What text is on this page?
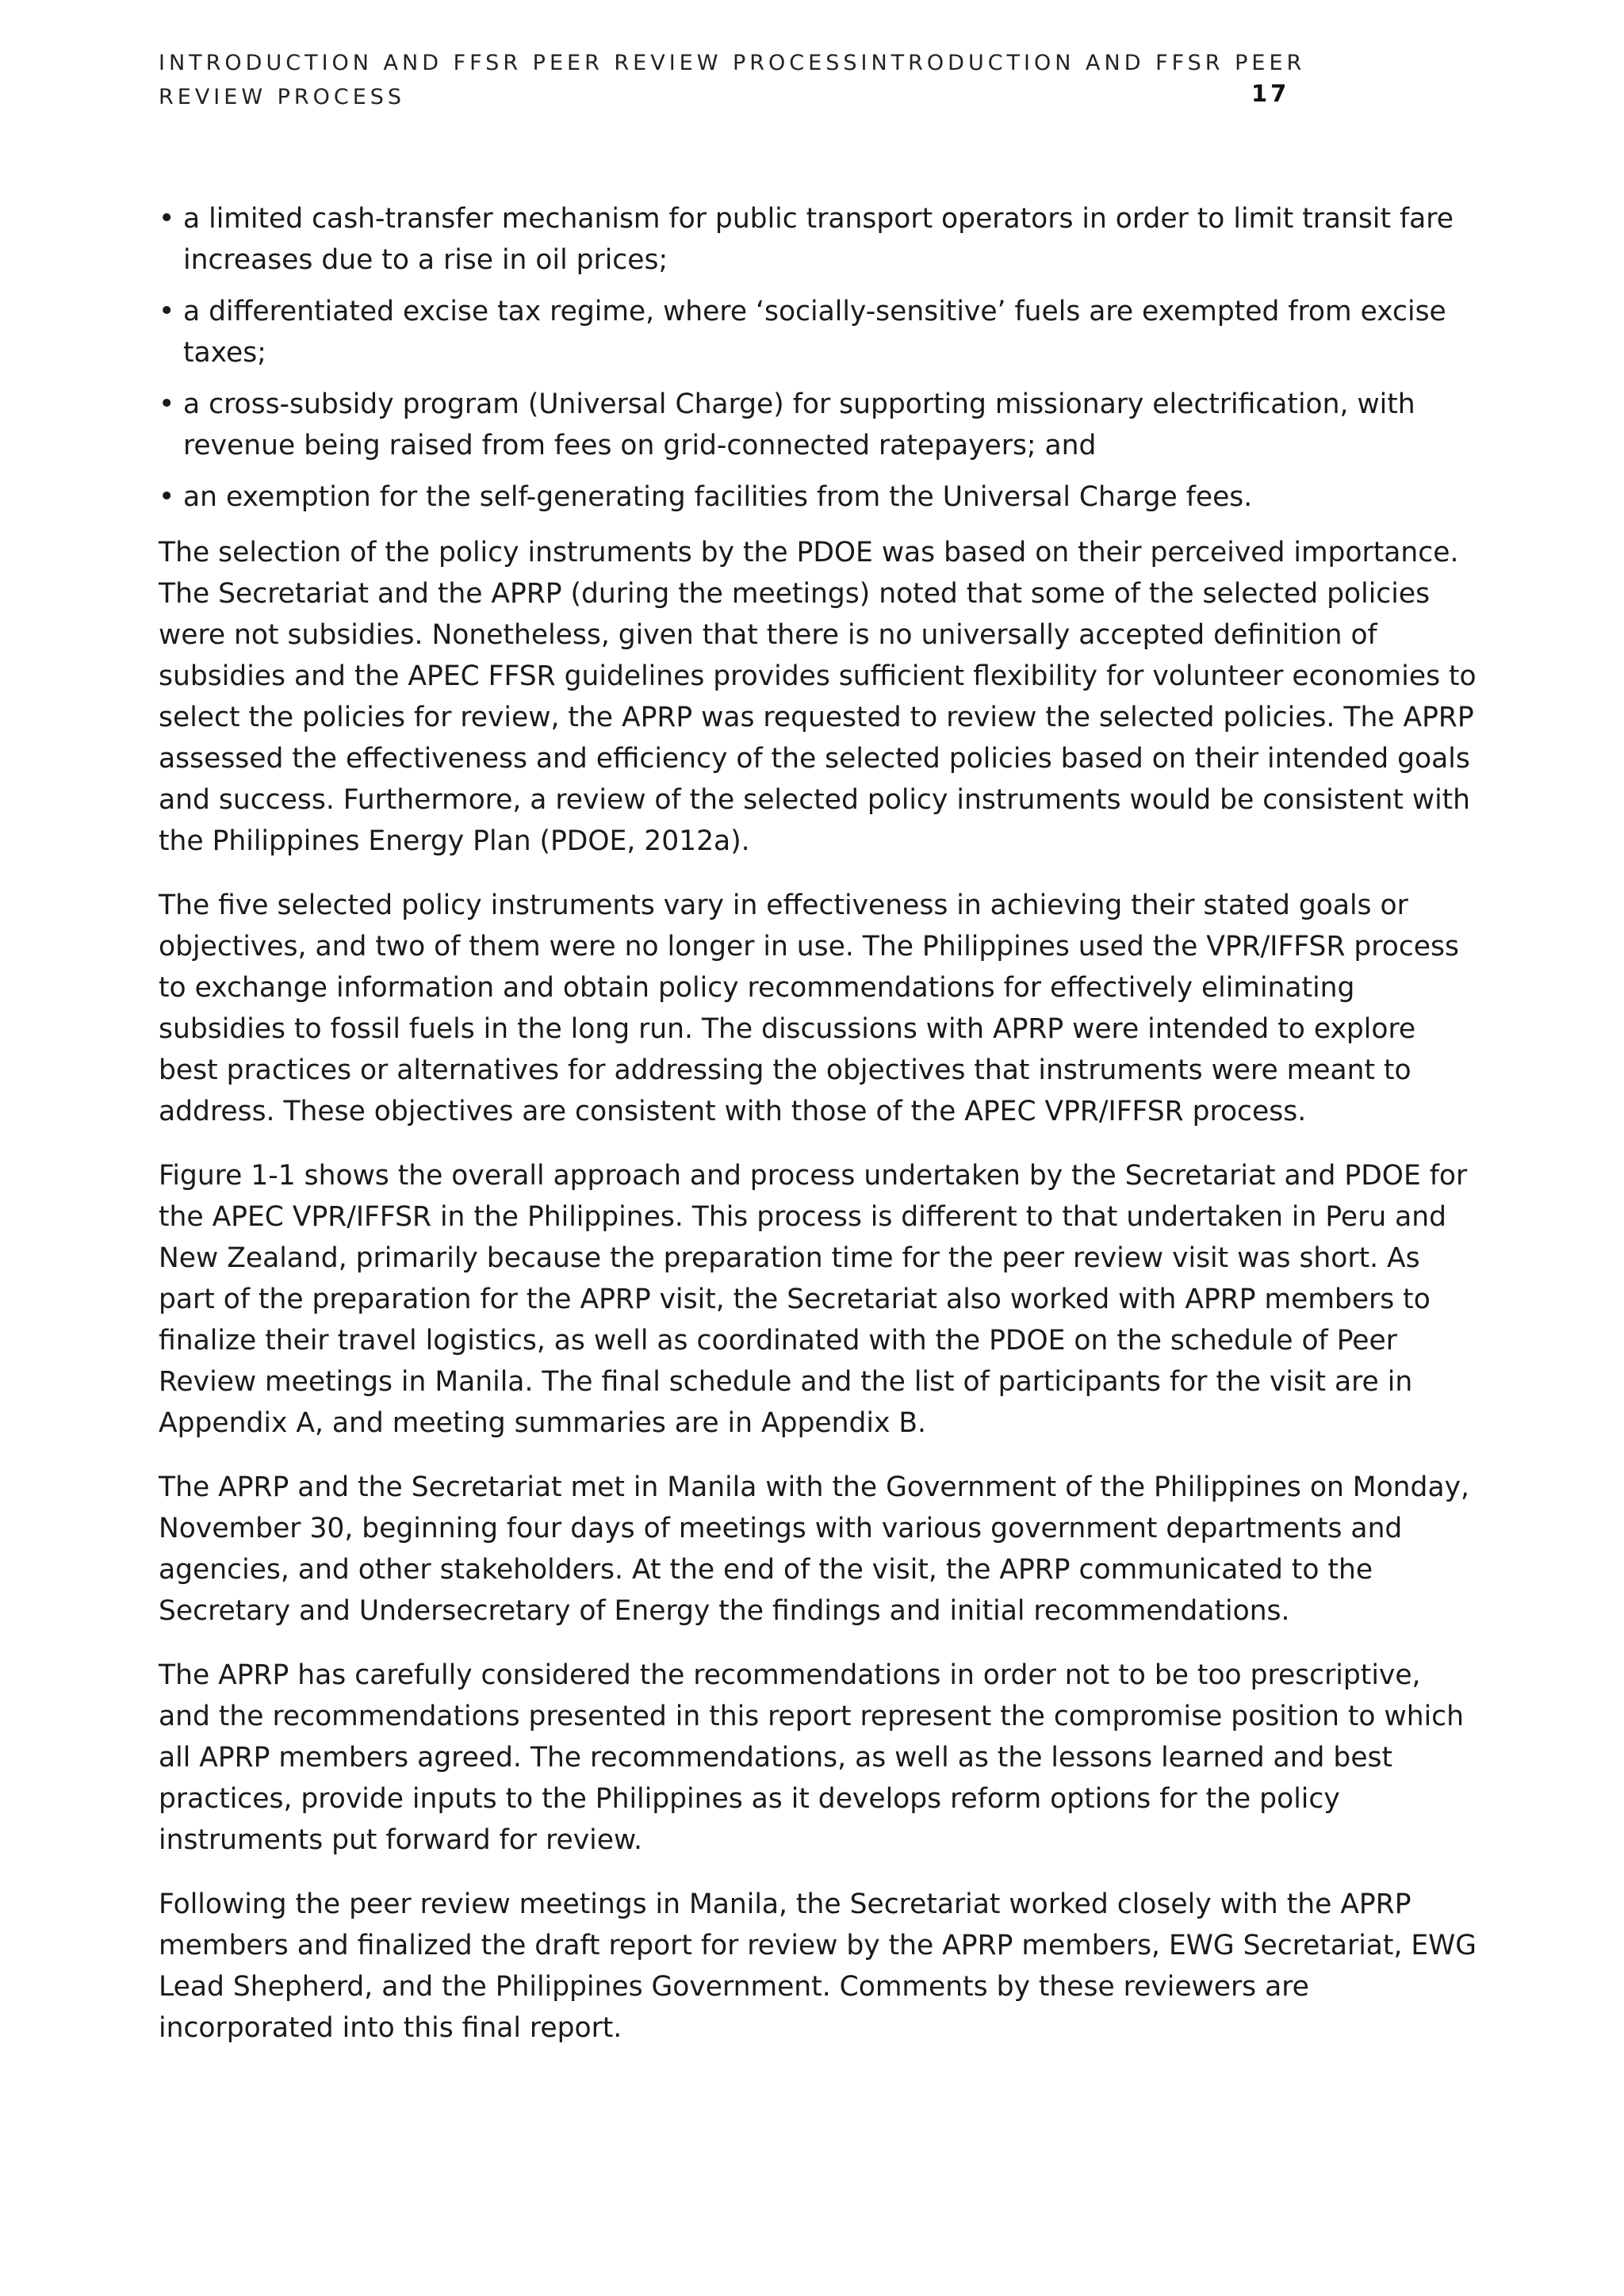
INTRODUCTION AND FFSR PEER REVIEW PROCESSINTRODUCTION AND FFSR PEER REVIEW PROCESS	17
• a limited cash-transfer mechanism for public transport operators in order to limit transit fare increases due to a rise in oil prices;
• a differentiated excise tax regime, where ‘socially-sensitive’ fuels are exempted from excise taxes;
• a cross-subsidy program (Universal Charge) for supporting missionary electrification, with revenue being raised from fees on grid-connected ratepayers; and
• an exemption for the self-generating facilities from the Universal Charge fees.

The selection of the policy instruments by the PDOE was based on their perceived importance. The Secretariat and the APRP (during the meetings) noted that some of the selected policies were not subsidies. Nonetheless, given that there is no universally accepted definition of subsidies and the APEC FFSR guidelines provides sufficient flexibility for volunteer economies to select the policies for review, the APRP was requested to review the selected policies. The APRP assessed the effectiveness and efficiency of the selected policies based on their intended goals and success. Furthermore, a review of the selected policy instruments would be consistent with the Philippines Energy Plan (PDOE, 2012a).

The five selected policy instruments vary in effectiveness in achieving their stated goals or objectives, and two of them were no longer in use. The Philippines used the VPR/IFFSR process to exchange information and obtain policy recommendations for effectively eliminating subsidies to fossil fuels in the long run. The discussions with APRP were intended to explore best practices or alternatives for addressing the objectives that instruments were meant to address. These objectives are consistent with those of the APEC VPR/IFFSR process.

Figure 1-1 shows the overall approach and process undertaken by the Secretariat and PDOE for the APEC VPR/IFFSR in the Philippines. This process is different to that undertaken in Peru and New Zealand, primarily because the preparation time for the peer review visit was short. As part of the preparation for the APRP visit, the Secretariat also worked with APRP members to finalize their travel logistics, as well as coordinated with the PDOE on the schedule of Peer Review meetings in Manila. The final schedule and the list of participants for the visit are in Appendix A, and meeting summaries are in Appendix B.

The APRP and the Secretariat met in Manila with the Government of the Philippines on Monday, November 30, beginning four days of meetings with various government departments and agencies, and other stakeholders. At the end of the visit, the APRP communicated to the Secretary and Undersecretary of Energy the findings and initial recommendations.

The APRP has carefully considered the recommendations in order not to be too prescriptive, and the recommendations presented in this report represent the compromise position to which all APRP members agreed. The recommendations, as well as the lessons learned and best practices, provide inputs to the Philippines as it develops reform options for the policy instruments put forward for review.

Following the peer review meetings in Manila, the Secretariat worked closely with the APRP members and finalized the draft report for review by the APRP members, EWG Secretariat, EWG Lead Shepherd, and the Philippines Government. Comments by these reviewers are incorporated into this final report.
